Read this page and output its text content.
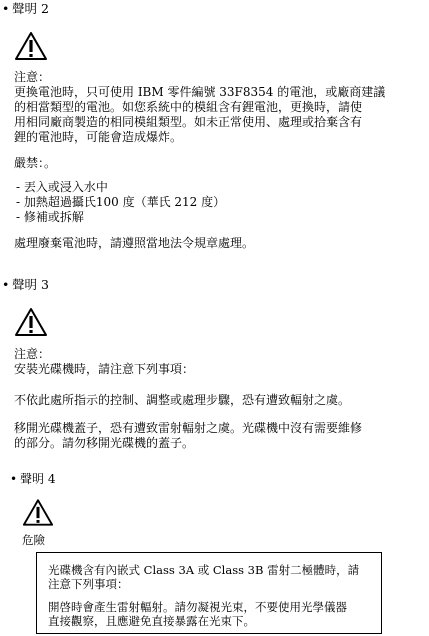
• 聲明 2
注意：
更換電池時，只可使用 IBM 零件編號 33F8354 的電池，或廠商建議
的相當類型的電池。如您系統中的模組含有鋰電池，更換時，請使
用相同廠商製造的相同模組類型。如未正常使用、處理或拾棄含有
鋰的電池時，可能會造成爆炸。
嚴禁：。
- 丟入或浸入水中
- 加熱超過攝氏100 度（華氏 212 度）
- 修補或拆解
處理廢棄電池時，請遵照當地法令規章處理。
• 聲明 3
注意：
安裝光碟機時，請注意下列事項：
不依此處所指示的控制、調整或處理步驟，恐有遭致輻射之虞。
移開光碟機蓋子，恐有遭致雷射輻射之虞。光碟機中沒有需要維修
的部分。請勿移開光碟機的蓋子。
• 聲明 4
危險
光碟機含有內嵌式 Class 3A 或 Class 3B 雷射二極體時，請
注意下列事項：
開啓時會產生雷射輻射。請勿凝視光束，不要使用光學儀器
直接觀察，且應避免直接暴露在光束下。
